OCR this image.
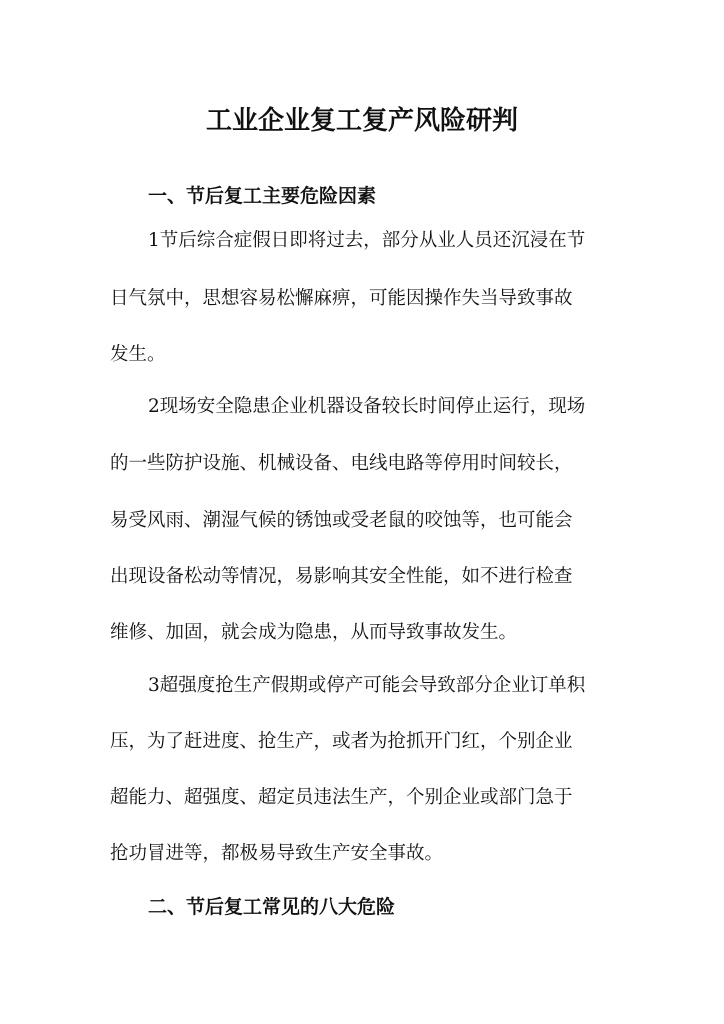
工业企业复工复产风险研判
一、节后复工主要危险因素

1节后综合症假日即将过去，部分从业人员还沉浸在节

日气氛中，思想容易松懈麻痹，可能因操作失当导致事故

发生。

2现场安全隐患企业机器设备较长时间停止运行，现场

的一些防护设施、机械设备、电线电路等停用时间较长，

易受风雨、潮湿气候的锈蚀或受老鼠的咬蚀等，也可能会

出现设备松动等情况，易影响其安全性能，如不进行检查

维修、加固，就会成为隐患，从而导致事故发生。

3超强度抢生产假期或停产可能会导致部分企业订单积

压，为了赶进度、抢生产，或者为抢抓开门红，个别企业

超能力、超强度、超定员违法生产，个别企业或部门急于

抢功冒进等，都极易导致生产安全事故。

二、节后复工常见的八大危险
